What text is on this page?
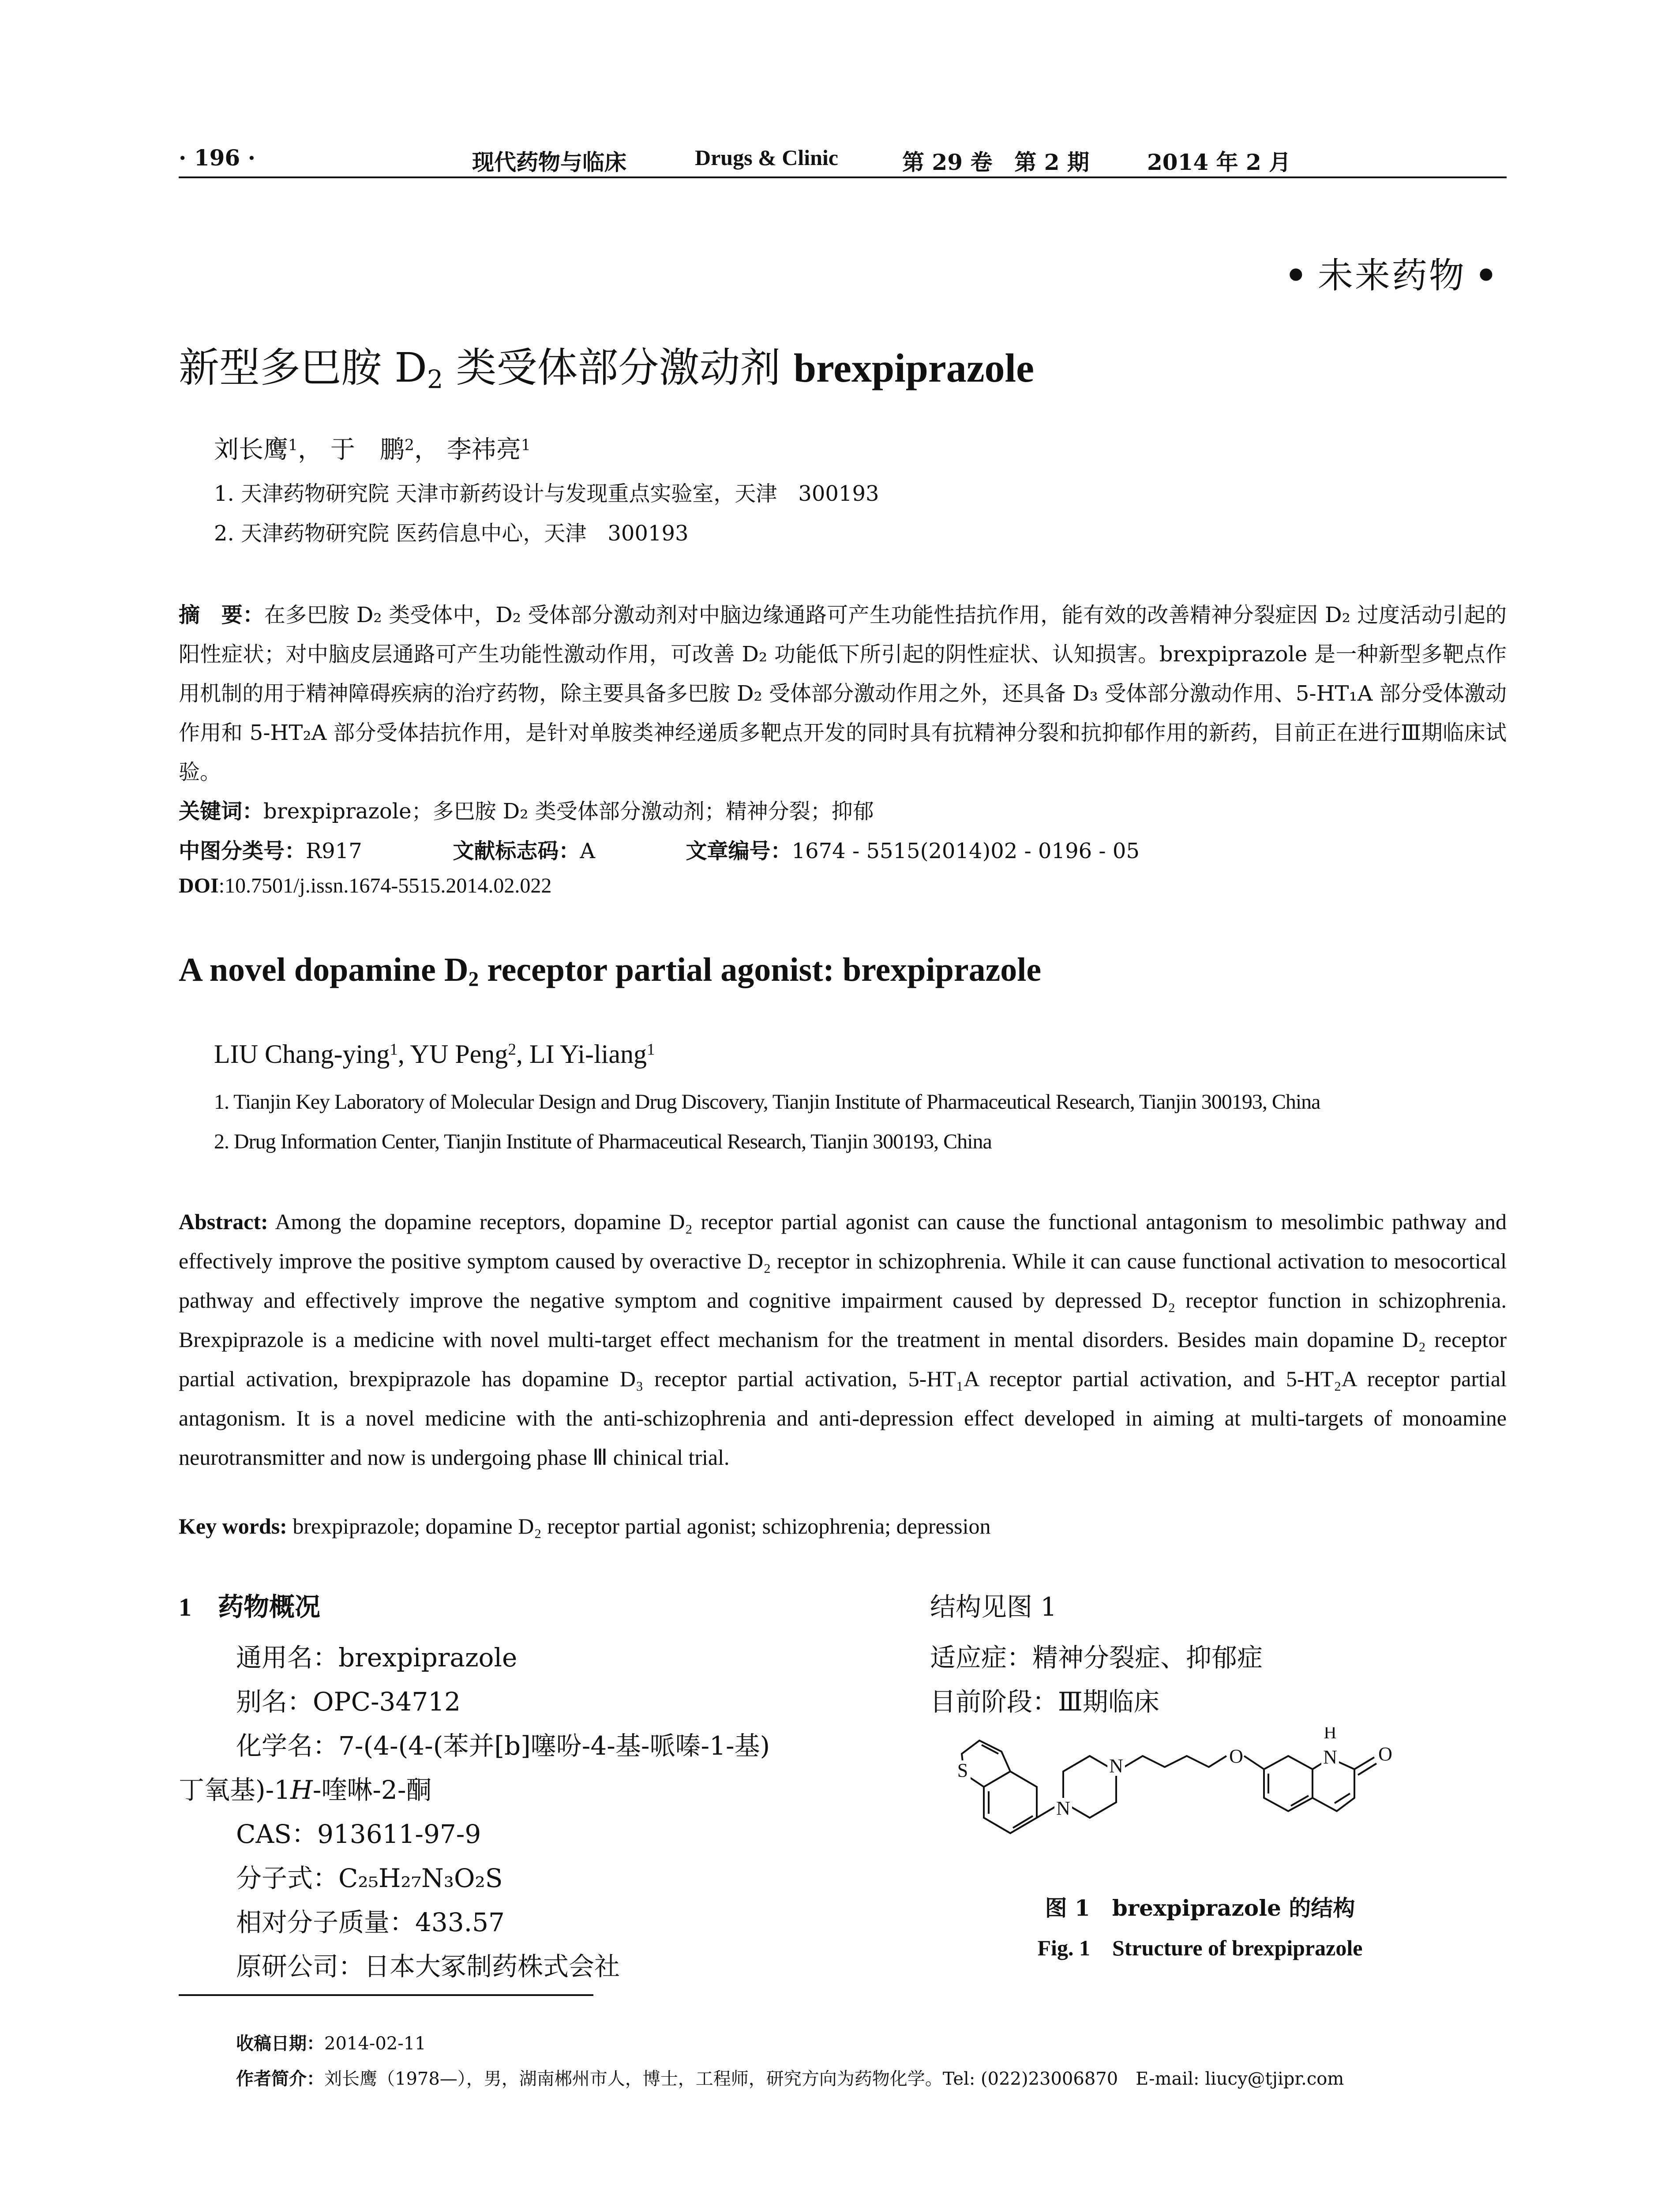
· 196 ·	现代药物与临床	Drugs & Clinic	第 29 卷　第 2 期	2014 年 2 月
• 未来药物 •
新型多巴胺 $D_2$ 类受体部分激动剂 brexpiprazole
刘长鹰$^1$， 于　鹏$^2$， 李祎亮$^1$
1. 天津药物研究院 天津市新药设计与发现重点实验室，天津　300193
2. 天津药物研究院 医药信息中心，天津　300193
摘　要：在多巴胺 D₂ 类受体中，D₂ 受体部分激动剂对中脑边缘通路可产生功能性拮抗作用，能有效的改善精神分裂症因 D₂ 过度活动引起的阳性症状；对中脑皮层通路可产生功能性激动作用，可改善 D₂ 功能低下所引起的阴性症状、认知损害。brexpiprazole 是一种新型多靶点作用机制的用于精神障碍疾病的治疗药物，除主要具备多巴胺 D₂ 受体部分激动作用之外，还具备 D₃ 受体部分激动作用、5-HT₁A 部分受体激动作用和 5-HT₂A 部分受体拮抗作用，是针对单胺类神经递质多靶点开发的同时具有抗精神分裂和抗抑郁作用的新药，目前正在进行Ⅲ期临床试验。
关键词：brexpiprazole；多巴胺 D₂ 类受体部分激动剂；精神分裂；抑郁
中图分类号：R917	文献标志码：A	文章编号：1674 - 5515(2014)02 - 0196 - 05
DOI:10.7501/j.issn.1674-5515.2014.02.022
A novel dopamine $D_2$ receptor partial agonist: brexpiprazole
LIU Chang-ying$^1$, YU Peng$^2$, LI Yi-liang$^1$
1. Tianjin Key Laboratory of Molecular Design and Drug Discovery, Tianjin Institute of Pharmaceutical Research, Tianjin 300193, China
2. Drug Information Center, Tianjin Institute of Pharmaceutical Research, Tianjin 300193, China
Abstract: Among the dopamine receptors, dopamine D₂ receptor partial agonist can cause the functional antagonism to mesolimbic pathway and effectively improve the positive symptom caused by overactive D₂ receptor in schizophrenia. While it can cause functional activation to mesocortical pathway and effectively improve the negative symptom and cognitive impairment caused by depressed D₂ receptor function in schizophrenia. Brexpiprazole is a medicine with novel multi-target effect mechanism for the treatment in mental disorders. Besides main dopamine D₂ receptor partial activation, brexpiprazole has dopamine D₃ receptor partial activation, 5-HT₁A receptor partial activation, and 5-HT₂A receptor partial antagonism. It is a novel medicine with the anti-schizophrenia and anti-depression effect developed in aiming at multi-targets of monoamine neurotransmitter and now is undergoing phase Ⅲ chinical trial.
Key words: brexpiprazole; dopamine D₂ receptor partial agonist; schizophrenia; depression
1 药物概况
通用名：brexpiprazole
别名：OPC-34712
化学名：7-(4-(4-(苯并[b]噻吩-4-基-哌嗪-1-基)
丁氧基)-1H-喹啉-2-酮
CAS：913611-97-9
分子式：C₂₅H₂₇N₃O₂S
相对分子质量：433.57
原研公司：日本大冢制药株式会社
结构见图 1
适应症：精神分裂症、抑郁症
目前阶段：Ⅲ期临床
S
N
N	O
H
N O
图 1　brexpiprazole 的结构
Fig. 1　Structure of brexpiprazole
收稿日期：2014-02-11
作者简介：刘长鹰（1978—），男，湖南郴州市人，博士，工程师，研究方向为药物化学。Tel: (022)23006870　E-mail: liucy@tjipr.com
